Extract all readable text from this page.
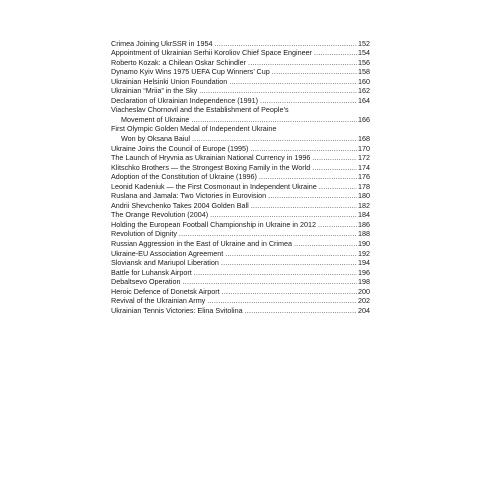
Crimea Joining UkrSSR in 1954 . . .	152
Appointment of Ukrainian Serhii Koroliov Chief Space Engineer . . .	154
Roberto Kozak: a Chilean Oskar Schindler . . .	156
Dynamo Kyiv Wins 1975 UEFA Cup Winners’ Cup . . .	158
Ukrainian Helsinki Union Foundation . . .	160
Ukrainian “Mriia” in the Sky . . .	162
Declaration of Ukrainian Independence (1991) . . .	164
Viacheslav Chornovil and the Establishment of People’s
Movement of Ukraine . . .	166
First Olympic Golden Medal of Independent Ukraine
Won by Oksana Baiul . . .	168
Ukraine Joins the Council of Europe (1995) . . .	170
The Launch of Hryvnia as Ukrainian National Currency in 1996 . . .	172
Klitschko Brothers — the Strongest Boxing Family in the World . . .	174
Adoption of the Constitution of Ukraine (1996) . . .	176
Leonid Kadeniuk — the First Cosmonaut in Independent Ukraine . . .	178
Ruslana and Jamala: Two Victories in Eurovision . . .	180
Andrii Shevchenko Takes 2004 Golden Ball . . .	182
The Orange Revolution (2004) . . .	184
Holding the European Football Championship in Ukraine in 2012 . . .	186
Revolution of Dignity . . .	188
Russian Aggression in the East of Ukraine and in Crimea . . .	190
Ukraine-EU Association Agreement . . .	192
Sloviansk and Mariupol Liberation . . .	194
Battle for Luhansk Airport . . .	196
Debaltsevo Operation . . .	198
Heroic Defence of Donetsk Airport . . .	200
Revival of the Ukrainian Army . . .	202
Ukrainian Tennis Victories: Elina Svitolina . . .	204
